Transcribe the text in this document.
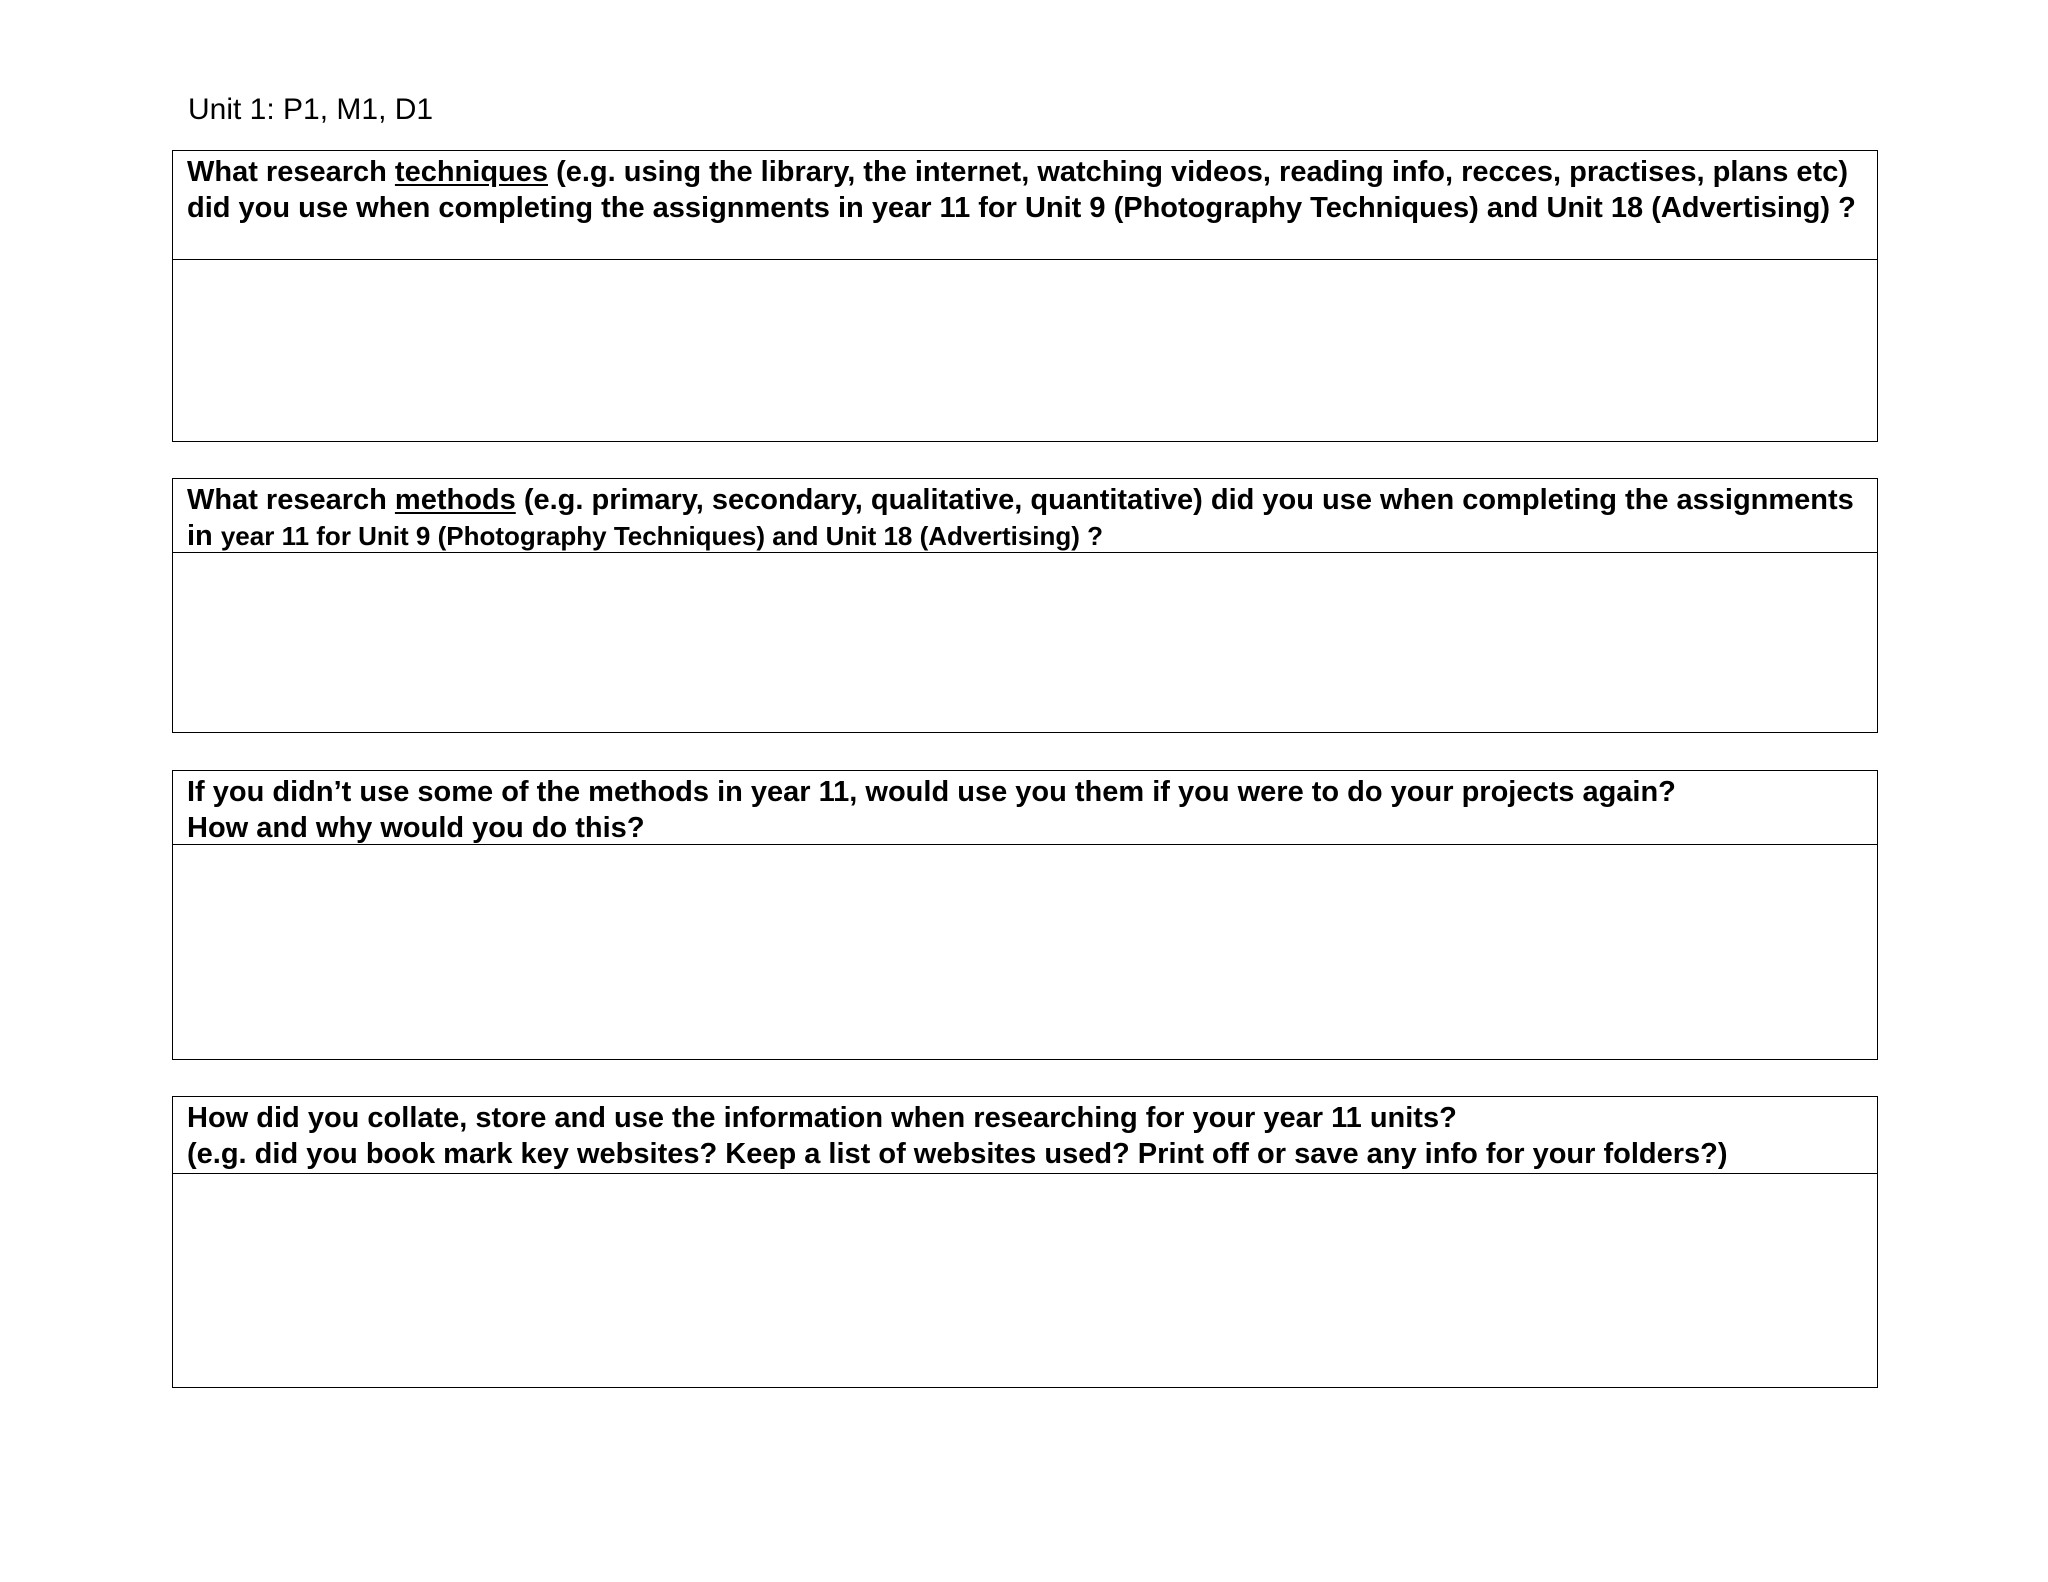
Unit 1: P1, M1, D1
What research techniques (e.g. using the library, the internet, watching videos, reading info, recces, practises, plans etc) did you use when completing the assignments in year 11 for Unit 9 (Photography Techniques) and Unit 18 (Advertising) ?
What research methods (e.g. primary, secondary, qualitative, quantitative) did you use when completing the assignments in year 11 for Unit 9 (Photography Techniques) and Unit 18 (Advertising) ?
If you didn’t use some of the methods in year 11, would use you them if you were to do your projects again?
How and why would you do this?
How did you collate, store and use the information when researching for your year 11 units?
(e.g. did you book mark key websites? Keep a list of websites used? Print off or save any info for your folders?)
